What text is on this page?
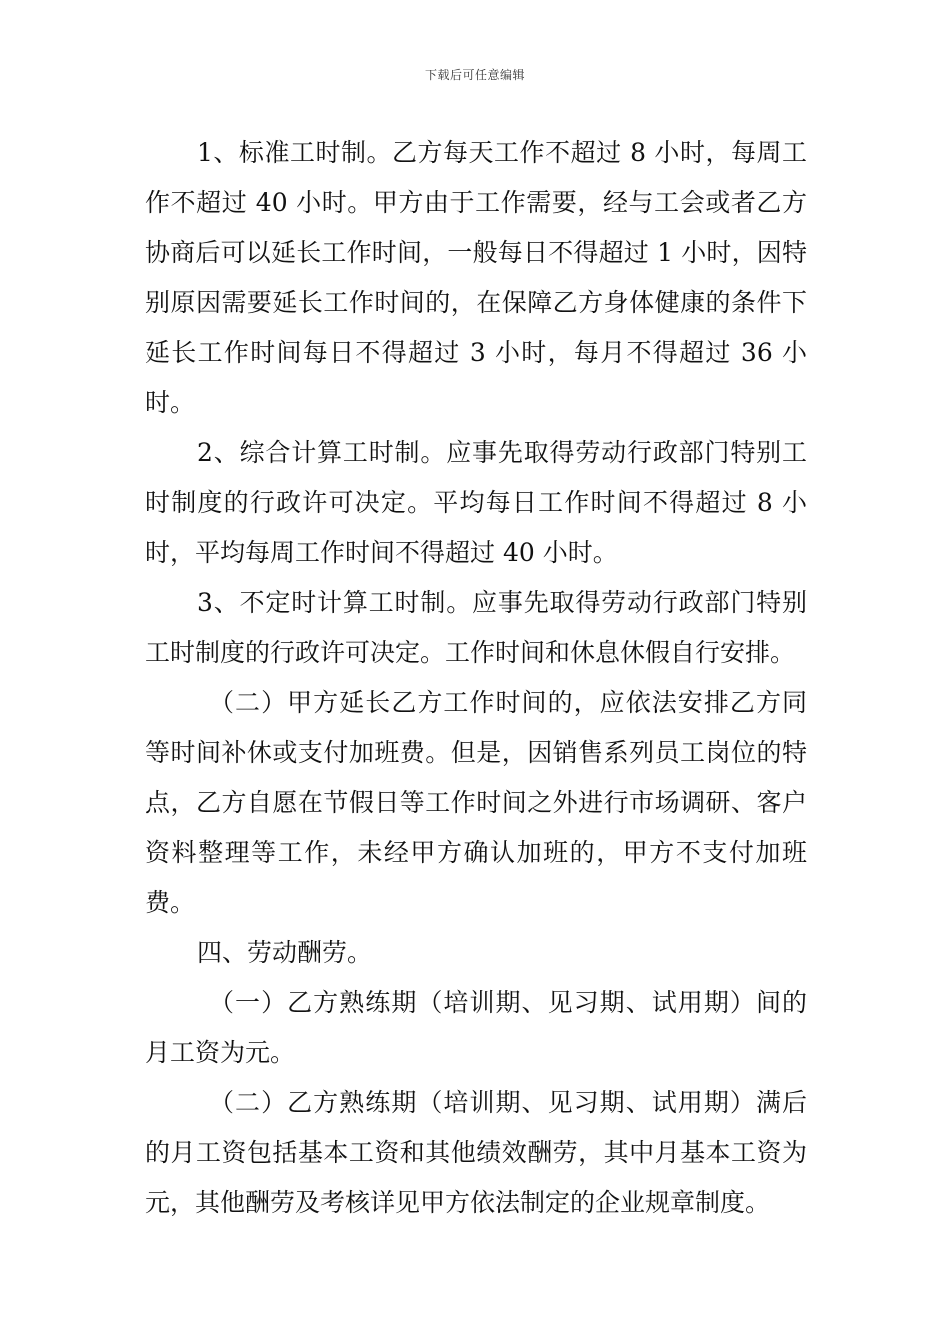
下载后可任意编辑

1、标准工时制。乙方每天工作不超过 8 小时，每周工作不超过 40 小时。甲方由于工作需要，经与工会或者乙方协商后可以延长工作时间，一般每日不得超过 1 小时，因特别原因需要延长工作时间的，在保障乙方身体健康的条件下延长工作时间每日不得超过 3 小时，每月不得超过 36 小时。

2、综合计算工时制。应事先取得劳动行政部门特别工时制度的行政许可决定。平均每日工作时间不得超过 8 小时，平均每周工作时间不得超过 40 小时。

3、不定时计算工时制。应事先取得劳动行政部门特别工时制度的行政许可决定。工作时间和休息休假自行安排。

（二）甲方延长乙方工作时间的，应依法安排乙方同等时间补休或支付加班费。但是，因销售系列员工岗位的特点，乙方自愿在节假日等工作时间之外进行市场调研、客户资料整理等工作，未经甲方确认加班的，甲方不支付加班费。

四、劳动酬劳。

（一）乙方熟练期（培训期、见习期、试用期）间的月工资为元。

（二）乙方熟练期（培训期、见习期、试用期）满后的月工资包括基本工资和其他绩效酬劳，其中月基本工资为元，其他酬劳及考核详见甲方依法制定的企业规章制度。
